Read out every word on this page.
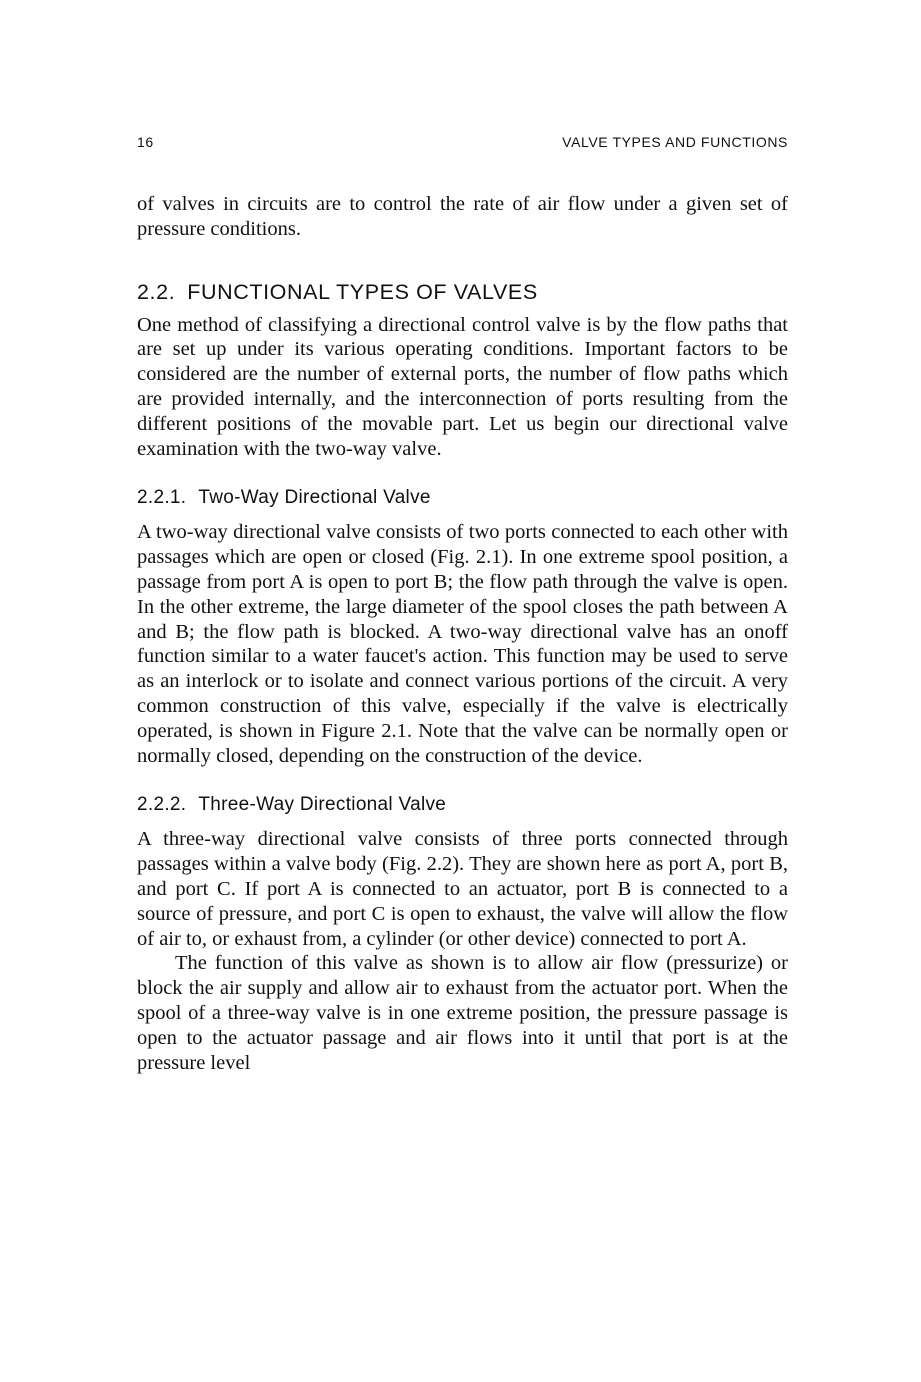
16	VALVE TYPES AND FUNCTIONS

of valves in circuits are to control the rate of air flow under a given set of pressure conditions.

2.2. FUNCTIONAL TYPES OF VALVES

One method of classifying a directional control valve is by the flow paths that are set up under its various operating conditions. Important factors to be considered are the number of external ports, the number of flow paths which are provided internally, and the interconnection of ports resulting from the different positions of the movable part. Let us begin our directional valve examination with the two-way valve.

2.2.1. Two-Way Directional Valve

A two-way directional valve consists of two ports connected to each other with passages which are open or closed (Fig. 2.1). In one extreme spool position, a passage from port A is open to port B; the flow path through the valve is open. In the other extreme, the large diameter of the spool closes the path between A and B; the flow path is blocked. A two-way directional valve has an onoff function similar to a water faucet's action. This function may be used to serve as an interlock or to isolate and connect various portions of the circuit. A very common construction of this valve, especially if the valve is electrically operated, is shown in Figure 2.1. Note that the valve can be normally open or normally closed, depending on the construction of the device.

2.2.2. Three-Way Directional Valve

A three-way directional valve consists of three ports connected through passages within a valve body (Fig. 2.2). They are shown here as port A, port B, and port C. If port A is connected to an actuator, port B is connected to a source of pressure, and port C is open to exhaust, the valve will allow the flow of air to, or exhaust from, a cylinder (or other device) connected to port A.

The function of this valve as shown is to allow air flow (pressurize) or block the air supply and allow air to exhaust from the actuator port. When the spool of a three-way valve is in one extreme position, the pressure passage is open to the actuator passage and air flows into it until that port is at the pressure level
